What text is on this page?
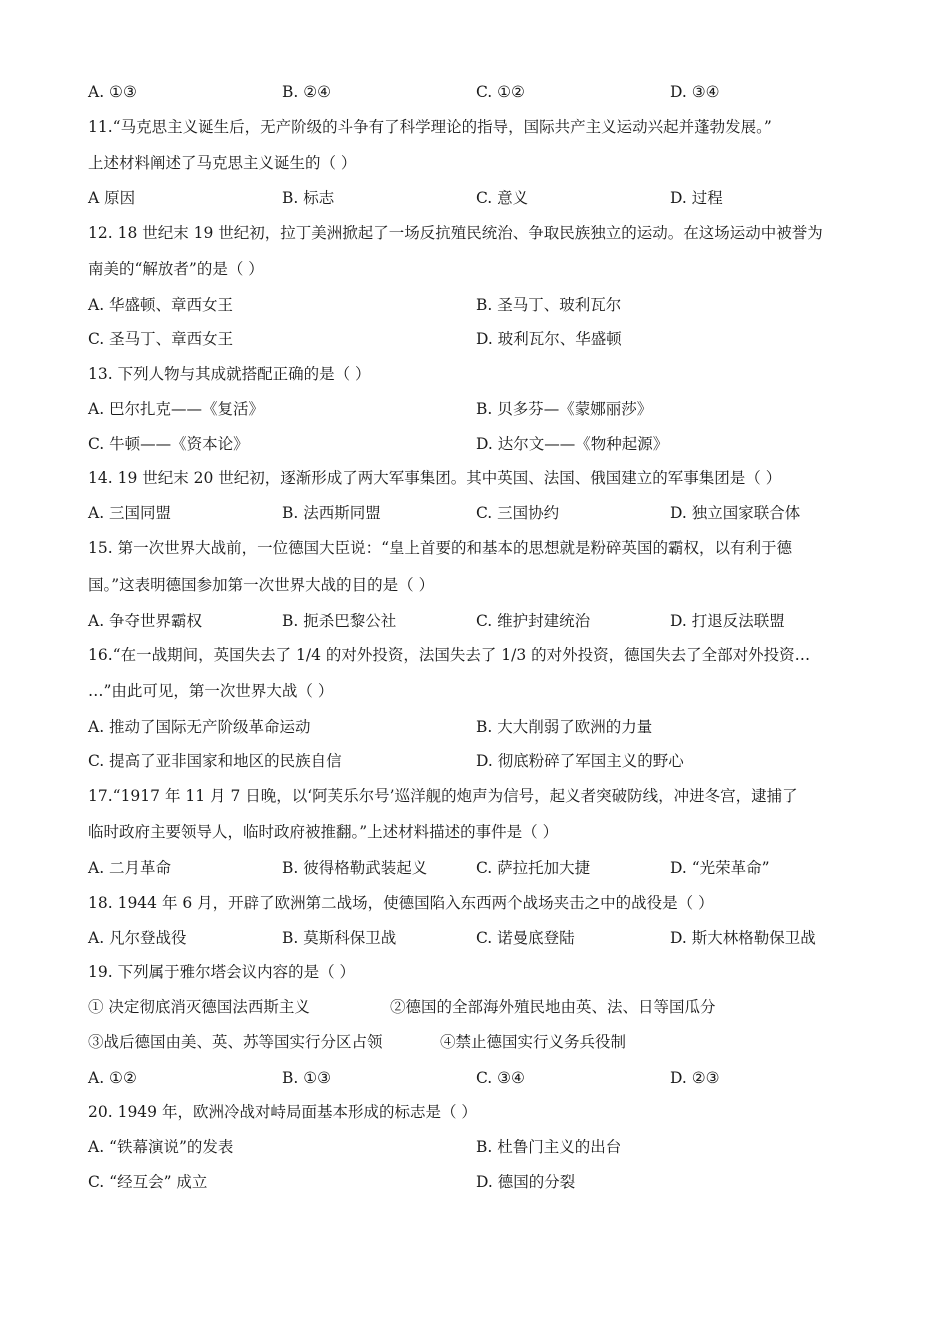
A. ①③	B. ②④	C. ①②	D. ③④
11.“马克思主义诞生后，无产阶级的斗争有了科学理论的指导，国际共产主义运动兴起并蓬勃发展。”
上述材料阐述了马克思主义诞生的（ ）
A 原因	B. 标志	C. 意义	D. 过程
12. 18 世纪末 19 世纪初，拉丁美洲掀起了一场反抗殖民统治、争取民族独立的运动。在这场运动中被誉为
南美的“解放者”的是（ ）
A. 华盛顿、章西女王	B. 圣马丁、玻利瓦尔
C. 圣马丁、章西女王	D. 玻利瓦尔、华盛顿
13. 下列人物与其成就搭配正确的是（ ）
A. 巴尔扎克——《复活》	B. 贝多芬—《蒙娜丽莎》
C. 牛顿——《资本论》	D. 达尔文——《物种起源》
14. 19 世纪末 20 世纪初，逐渐形成了两大军事集团。其中英国、法国、俄国建立的军事集团是（ ）
A. 三国同盟	B. 法西斯同盟	C. 三国协约	D. 独立国家联合体
15. 第一次世界大战前，一位德国大臣说：“皇上首要的和基本的思想就是粉碎英国的霸权，以有利于德
国。”这表明德国参加第一次世界大战的目的是（ ）
A. 争夺世界霸权	B. 扼杀巴黎公社	C. 维护封建统治	D. 打退反法联盟
16.“在一战期间，英国失去了 1/4 的对外投资，法国失去了 1/3 的对外投资，德国失去了全部对外投资…
…”由此可见，第一次世界大战（ ）
A. 推动了国际无产阶级革命运动	B. 大大削弱了欧洲的力量
C. 提高了亚非国家和地区的民族自信	D. 彻底粉碎了军国主义的野心
17.“1917 年 11 月 7 日晚，以‘阿芙乐尔号’巡洋舰的炮声为信号，起义者突破防线，冲进冬宫，逮捕了
临时政府主要领导人，临时政府被推翻。”上述材料描述的事件是（ ）
A. 二月革命	B. 彼得格勒武装起义	C. 萨拉托加大捷	D. “光荣革命”
18. 1944 年 6 月，开辟了欧洲第二战场，使德国陷入东西两个战场夹击之中的战役是（ ）
A. 凡尔登战役	B. 莫斯科保卫战	C. 诺曼底登陆	D. 斯大林格勒保卫战
19. 下列属于雅尔塔会议内容的是（ ）
① 决定彻底消灭德国法西斯主义	②德国的全部海外殖民地由英、法、日等国瓜分
③战后德国由美、英、苏等国实行分区占领	④禁止德国实行义务兵役制
A. ①②	B. ①③	C. ③④	D. ②③
20. 1949 年，欧洲冷战对峙局面基本形成的标志是（ ）
A. “铁幕演说”的发表	B. 杜鲁门主义的出台
C. “经互会” 成立	D. 德国的分裂
